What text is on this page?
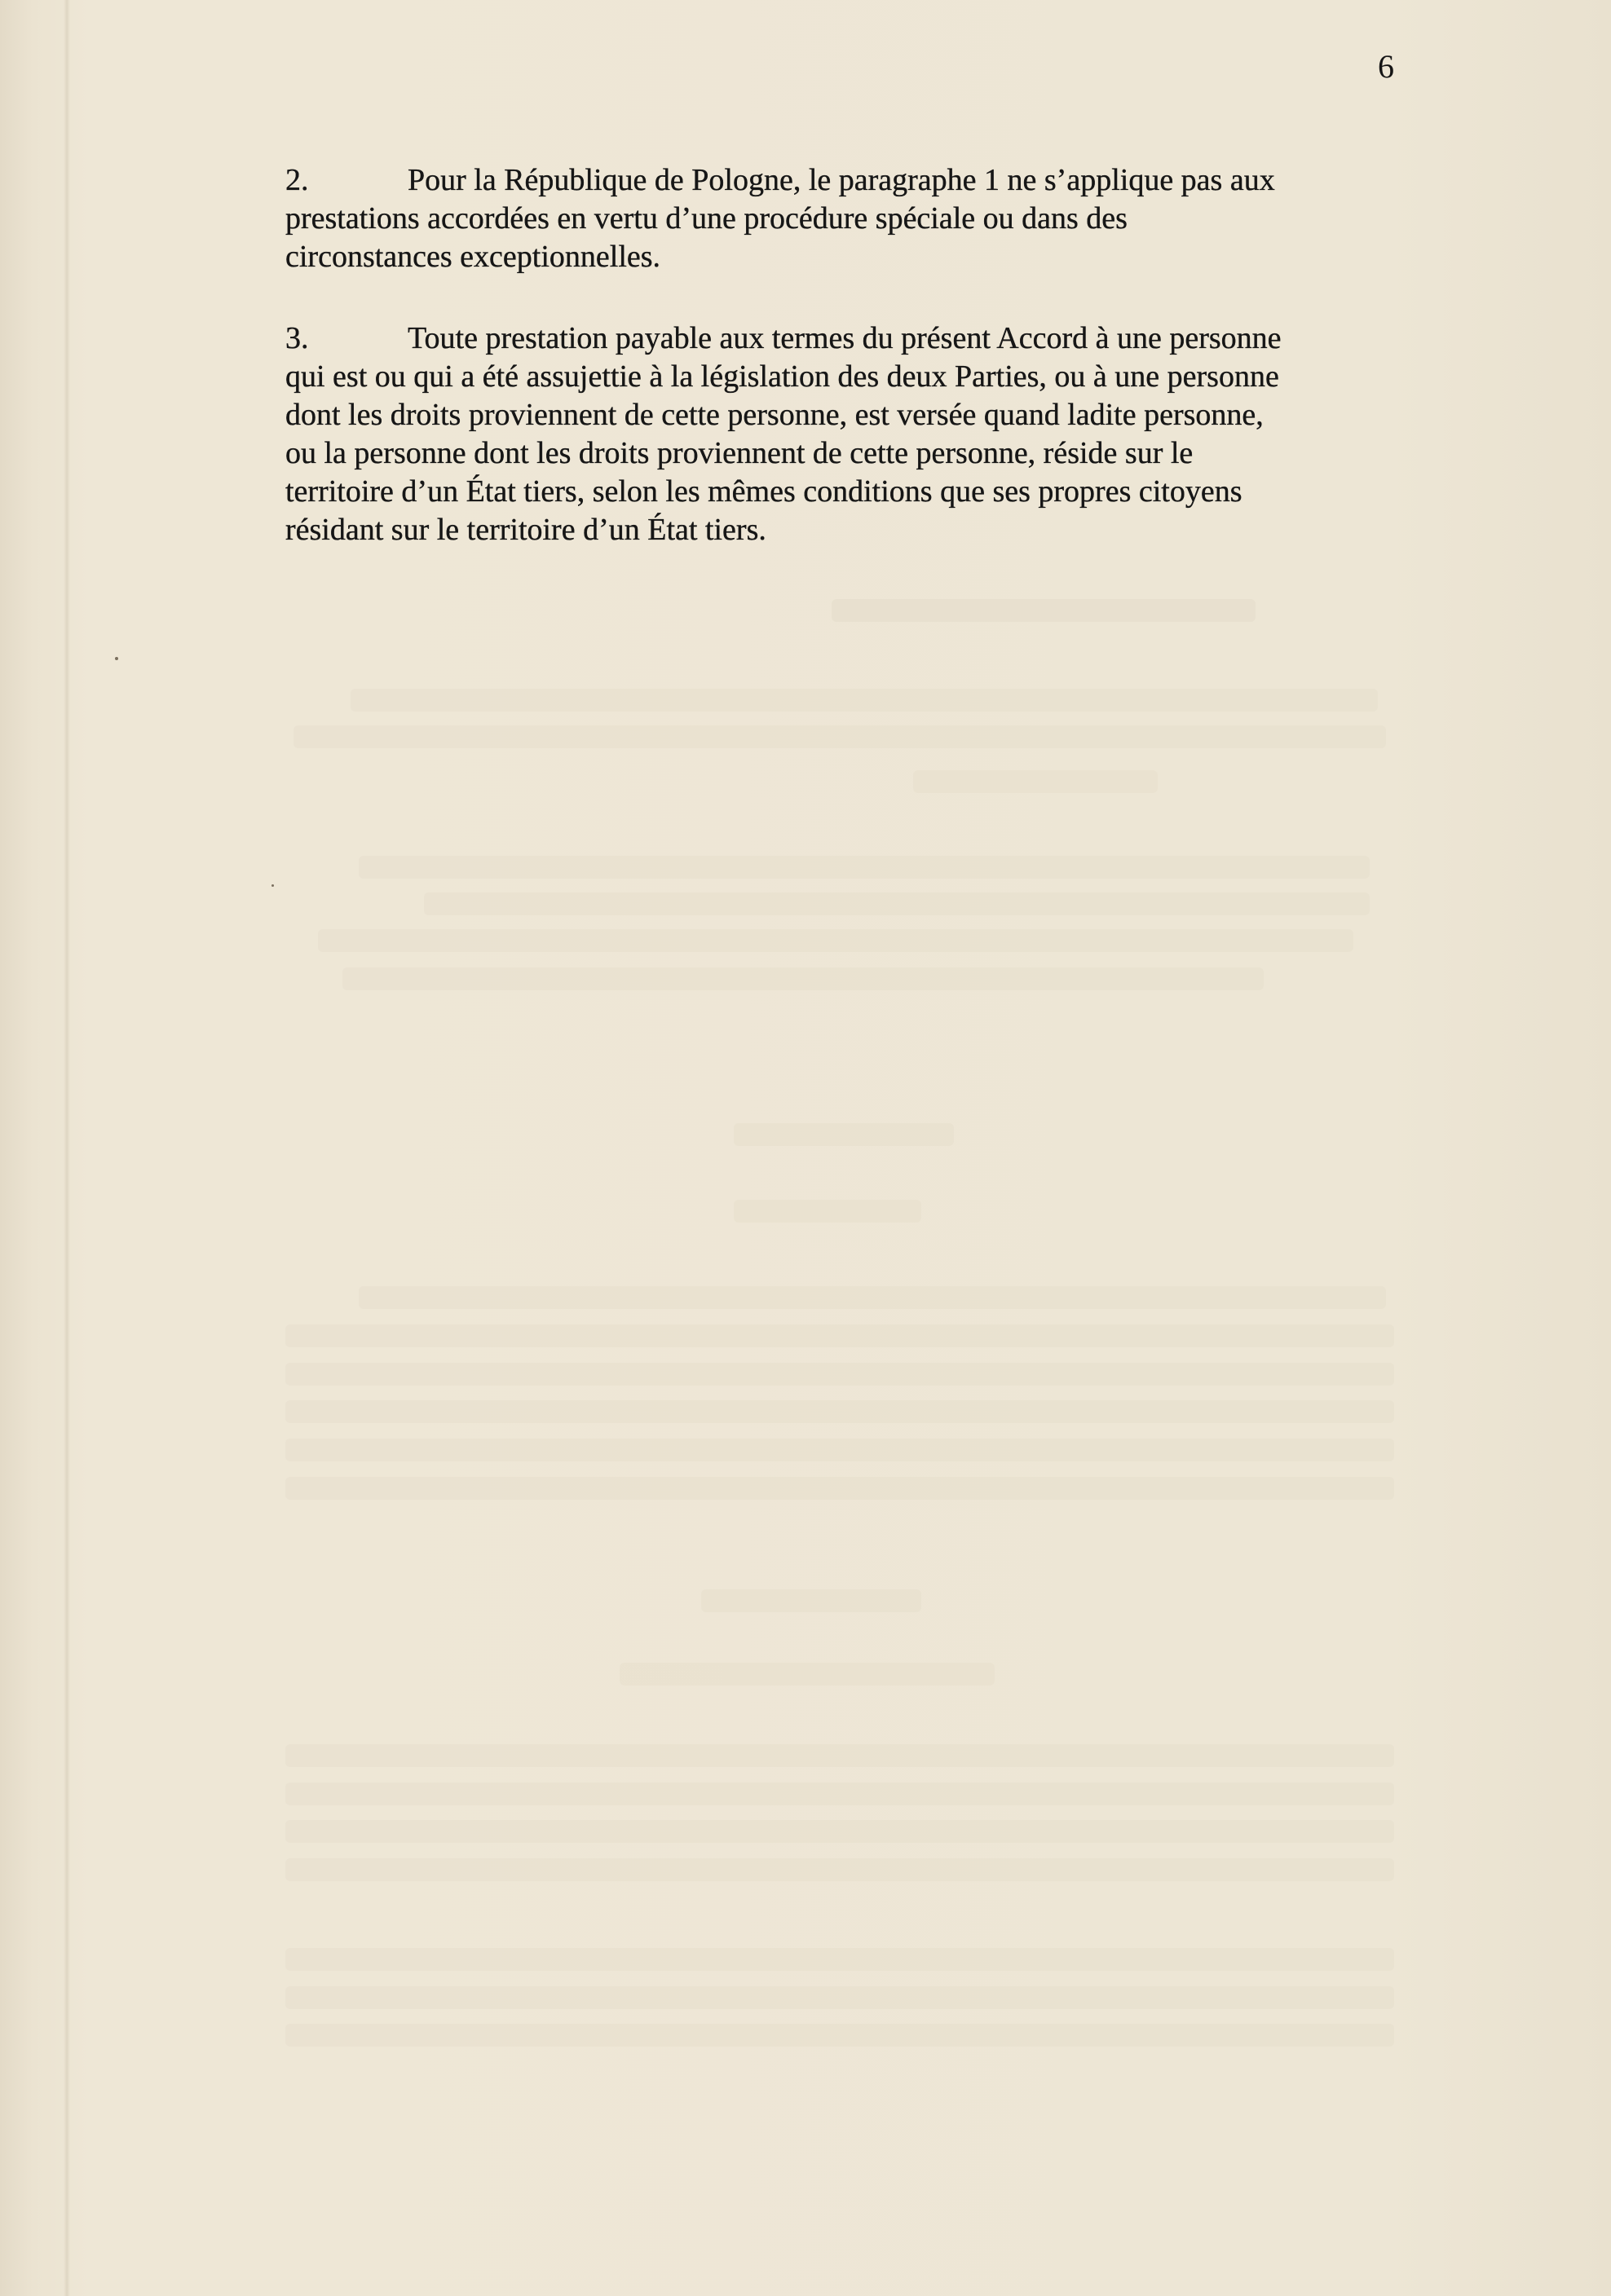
6
2.	Pour la République de Pologne, le paragraphe 1 ne s’applique pas aux
prestations accordées en vertu d’une procédure spéciale ou dans des
circonstances exceptionnelles.
3.	Toute prestation payable aux termes du présent Accord à une personne
qui est ou qui a été assujettie à la législation des deux Parties, ou à une personne
dont les droits proviennent de cette personne, est versée quand ladite personne,
ou la personne dont les droits proviennent de cette personne, réside sur le
territoire d’un État tiers, selon les mêmes conditions que ses propres citoyens
résidant sur le territoire d’un État tiers.
